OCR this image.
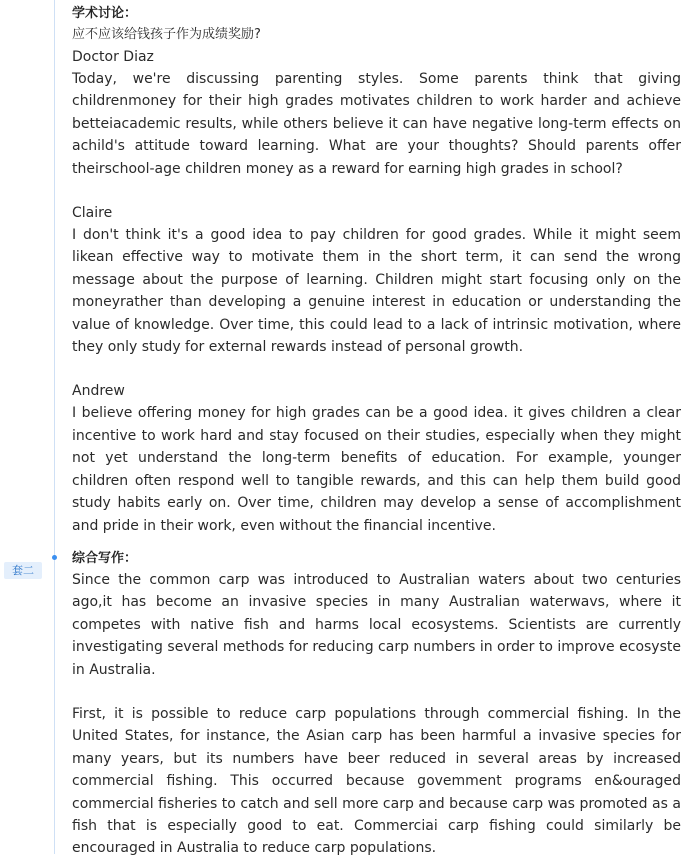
套二
学术讨论：
应不应该给钱孩子作为成绩奖励?
Doctor Diaz

Today, we're discussing parenting styles. Some parents think that giving childrenmoney for their high grades motivates children to work harder and achieve betteiacademic results, while others believe it can have negative long-term effects on achild's attitude toward learning. What are your thoughts? Should parents offer theirschool-age children money as a reward for earning high grades in school?

Claire

I don't think it's a good idea to pay children for good grades. While it might seem likean effective way to motivate them in the short term, it can send the wrong message about the purpose of learning. Children might start focusing only on the moneyrather than developing a genuine interest in education or understanding the value of knowledge. Over time, this could lead to a lack of intrinsic motivation, where they only study for external rewards instead of personal growth.

Andrew

I believe offering money for high grades can be a good idea. it gives children a clear incentive to work hard and stay focused on their studies, especially when they might not yet understand the long-term benefits of education. For example, younger children often respond well to tangible rewards, and this can help them build good study habits early on. Over time, children may develop a sense of accomplishment and pride in their work, even without the financial incentive.

综合写作：

Since the common carp was introduced to Australian waters about two centuries ago,it has become an invasive species in many Australian waterwavs, where it competes with native fish and harms local ecosystems. Scientists are currently investigating several methods for reducing carp numbers in order to improve ecosyste in Australia.

First, it is possible to reduce carp populations through commercial fishing. In the United States, for instance, the Asian carp has been harmful a invasive species for many years, but its numbers have beer reduced in several areas by increased commercial fishing. This occurred because govemment programs en&ouraged commercial fisheries to catch and sell more carp and because carp was promoted as a fish that is especially good to eat. Commerciai carp fishing could similarly be encouraged in Australia to reduce carp populations.
